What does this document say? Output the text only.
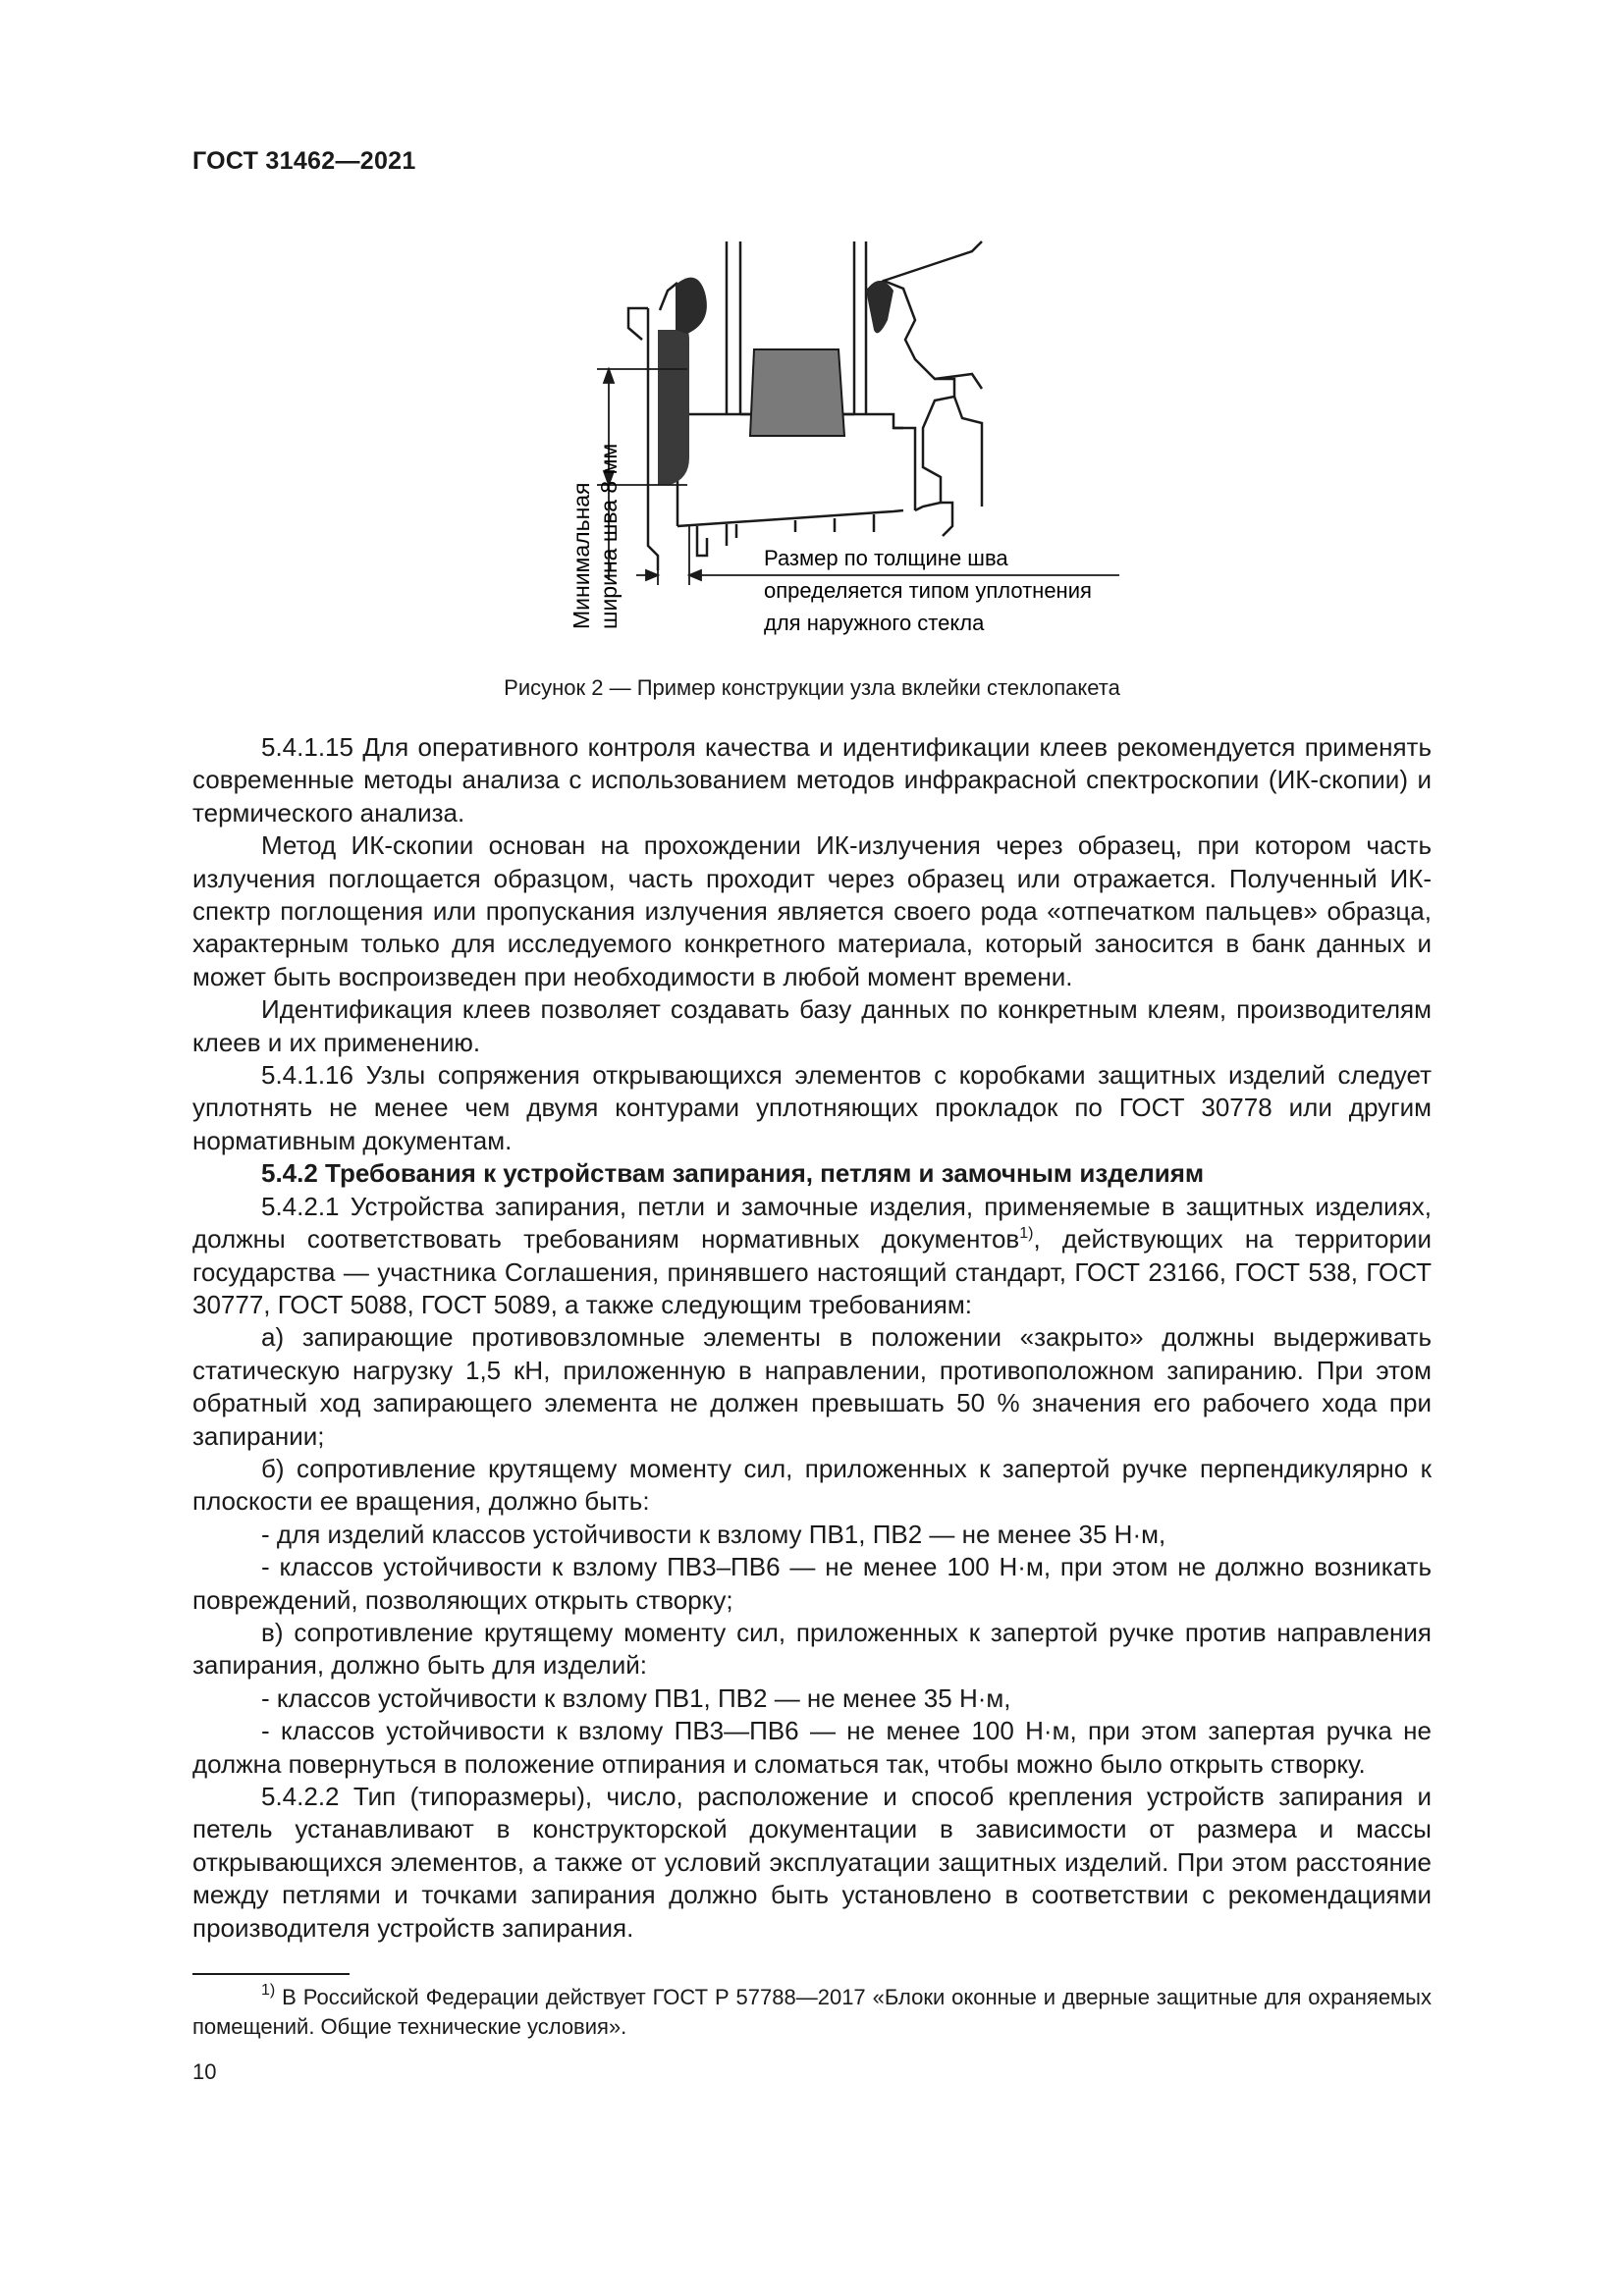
ГОСТ 31462—2021
Минимальная ширина шва 8 мм	Размер по толщине шва
определяется типом уплотнения
для наружного стекла
Рисунок 2 — Пример конструкции узла вклейки стеклопакета

5.4.1.15 Для оперативного контроля качества и идентификации клеев рекомендуется применять современные методы анализа с использованием методов инфракрасной спектроскопии (ИК-скопии) и термического анализа.

Метод ИК-скопии основан на прохождении ИК-излучения через образец, при котором часть излучения поглощается образцом, часть проходит через образец или отражается. Полученный ИК-спектр поглощения или пропускания излучения является своего рода «отпечатком пальцев» образца, характерным только для исследуемого конкретного материала, который заносится в банк данных и может быть воспроизведен при необходимости в любой момент времени.

Идентификация клеев позволяет создавать базу данных по конкретным клеям, производителям клеев и их применению.

5.4.1.16 Узлы сопряжения открывающихся элементов с коробками защитных изделий следует уплотнять не менее чем двумя контурами уплотняющих прокладок по ГОСТ 30778 или другим нормативным документам.

5.4.2 Требования к устройствам запирания, петлям и замочным изделиям

5.4.2.1 Устройства запирания, петли и замочные изделия, применяемые в защитных изделиях, должны соответствовать требованиям нормативных документов$^{1)}$, действующих на территории государства — участника Соглашения, принявшего настоящий стандарт, ГОСТ 23166, ГОСТ 538, ГОСТ 30777, ГОСТ 5088, ГОСТ 5089, а также следующим требованиям:

а) запирающие противовзломные элементы в положении «закрыто» должны выдерживать статическую нагрузку 1,5 кН, приложенную в направлении, противоположном запиранию. При этом обратный ход запирающего элемента не должен превышать 50 % значения его рабочего хода при запирании;

б) сопротивление крутящему моменту сил, приложенных к запертой ручке перпендикулярно к плоскости ее вращения, должно быть:

- для изделий классов устойчивости к взлому ПВ1, ПВ2 — не менее 35 Н·м,

- классов устойчивости к взлому ПВ3–ПВ6 — не менее 100 Н·м, при этом не должно возникать повреждений, позволяющих открыть створку;

в) сопротивление крутящему моменту сил, приложенных к запертой ручке против направления запирания, должно быть для изделий:

- классов устойчивости к взлому ПВ1, ПВ2 — не менее 35 Н·м,

- классов устойчивости к взлому ПВ3—ПВ6 — не менее 100 Н·м, при этом запертая ручка не должна повернуться в положение отпирания и сломаться так, чтобы можно было открыть створку.

5.4.2.2 Тип (типоразмеры), число, расположение и способ крепления устройств запирания и петель устанавливают в конструкторской документации в зависимости от размера и массы открывающихся элементов, а также от условий эксплуатации защитных изделий. При этом расстояние между петлями и точками запирания должно быть установлено в соответствии с рекомендациями производителя устройств запирания.

$^{1)}$ В Российской Федерации действует ГОСТ Р 57788—2017 «Блоки оконные и дверные защитные для охраняемых помещений. Общие технические условия».
10
